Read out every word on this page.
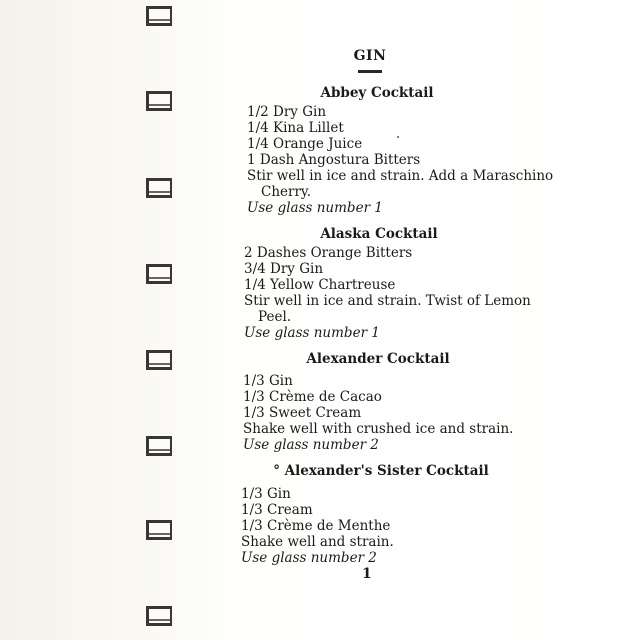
GIN
Abbey Cocktail
1/2 Dry Gin
1/4 Kina Lillet
1/4 Orange Juice
1 Dash Angostura Bitters
Stir well in ice and strain. Add a Maraschino
Cherry.
Use glass number 1
Alaska Cocktail
2 Dashes Orange Bitters
3/4 Dry Gin
1/4 Yellow Chartreuse
Stir well in ice and strain. Twist of Lemon
Peel.
Use glass number 1
Alexander Cocktail
1/3 Gin
1/3 Crème de Cacao
1/3 Sweet Cream
Shake well with crushed ice and strain.
Use glass number 2
° Alexander's Sister Cocktail
1/3 Gin
1/3 Cream
1/3 Crème de Menthe
Shake well and strain.
Use glass number 2
1
